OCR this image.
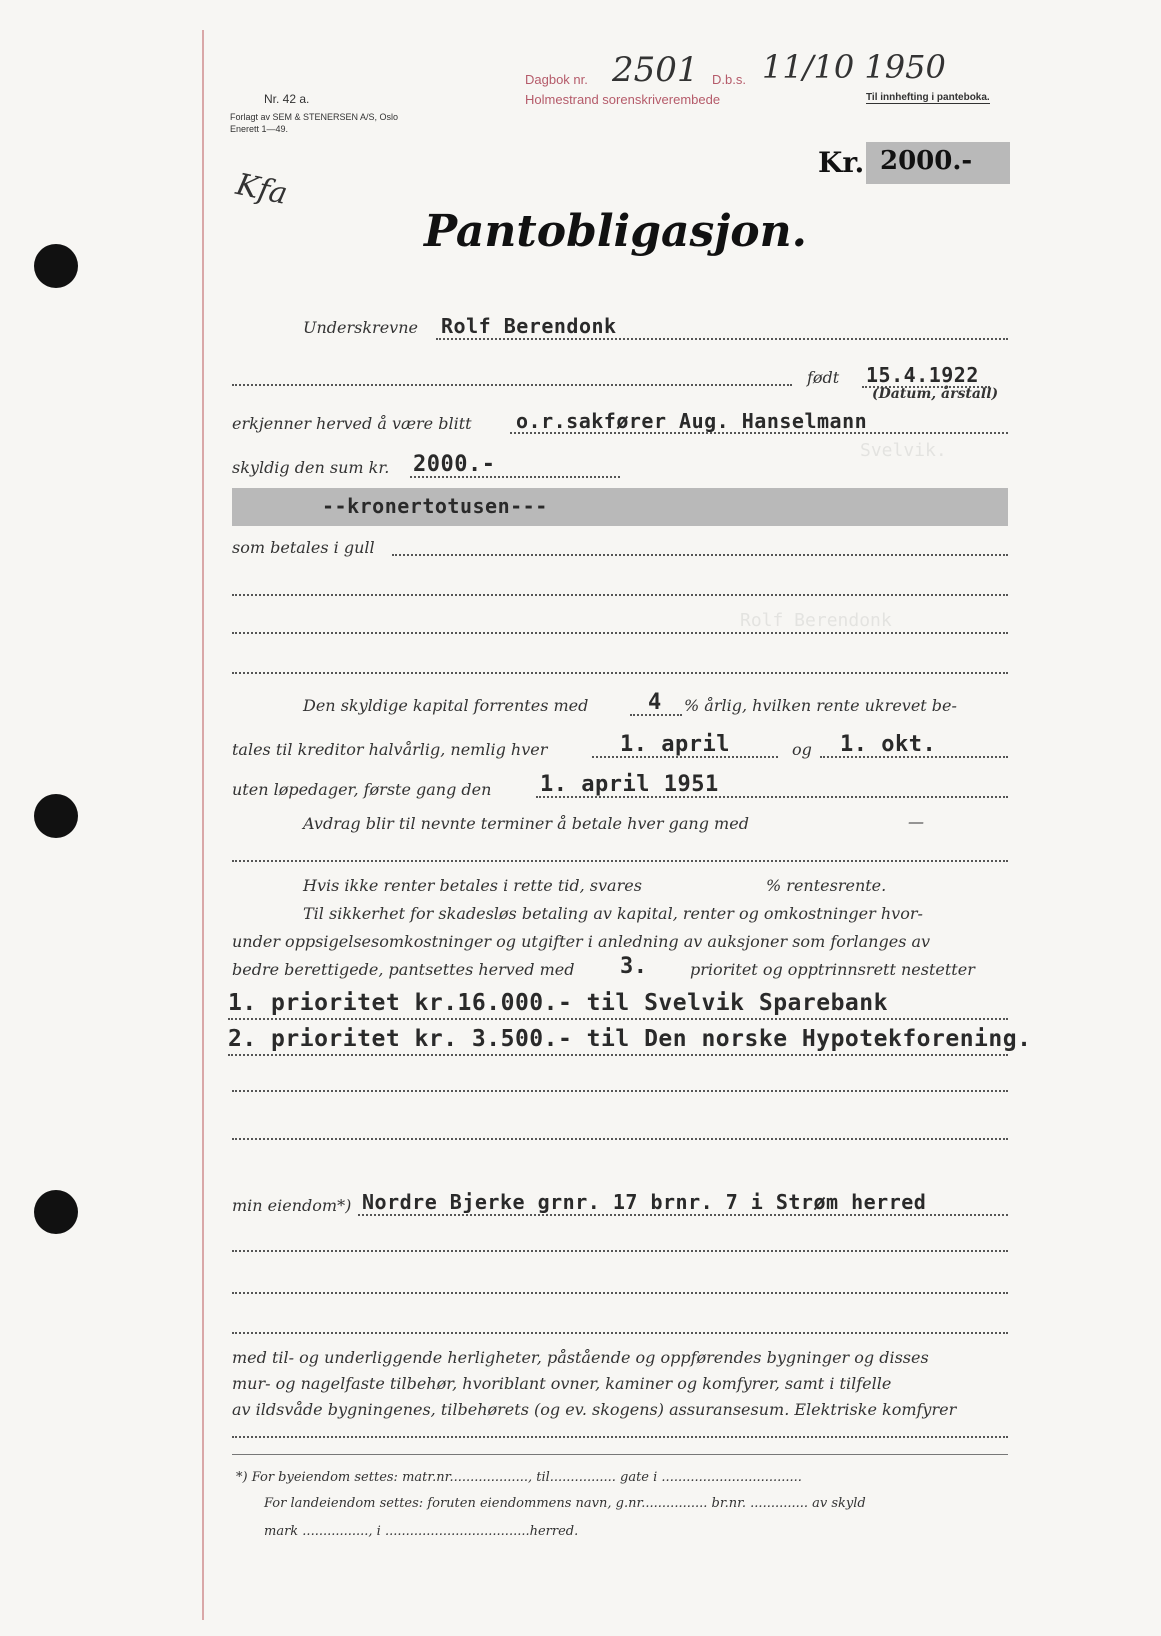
Svelvik.
Rolf Berendonk
Nr. 42 a.
Forlagt av SEM & STENERSEN A/S, Oslo
Enerett 1—49.
Dagbok nr.
Holmestrand sorenskriverembede
2501 D.b.s. 11/10 1950
Til innhefting i panteboka.
Kfa
Kr. 2000.-
Pantobligasjon.
Underskrevne Rolf Berendonk
født 15.4.1922
(Datum, årstall)
erkjenner herved å være blitt o.r.sakfører Aug. Hanselmann
skyldig den sum kr. 2000.-
--kronertotusen---
som betales i gull
Den skyldige kapital forrentes med	4 % årlig, hvilken rente ukrevet be-
tales til kreditor halvårlig, nemlig hver	1. april	og 1. okt.
uten løpedager, første gang den 1. april 1951
Avdrag blir til nevnte terminer å betale hver gang med	—
Hvis ikke renter betales i rette tid, svares	% rentesrente.
Til sikkerhet for skadesløs betaling av kapital, renter og omkostninger hvor-
under oppsigelsesomkostninger og utgifter i anledning av auksjoner som forlanges av
bedre berettigede, pantsettes herved med 3.	prioritet og opptrinnsrett nestetter
1. prioritet kr.16.000.- til Svelvik Sparebank
2. prioritet kr. 3.500.- til Den norske Hypotekforening.
min eiendom*) Nordre Bjerke grnr. 17 brnr. 7 i Strøm herred
med til- og underliggende herligheter, påstående og oppførendes bygninger og disses
mur- og nagelfaste tilbehør, hvoriblant ovner, kaminer og komfyrer, samt i tilfelle
av ildsvåde bygningenes, tilbehørets (og ev. skogens) assuransesum. Elektriske komfyrer
*) For byeiendom settes: matr.nr..................., til................ gate i ..................................
For landeiendom settes: foruten eiendommens navn, g.nr................ br.nr. .............. av skyld
mark ................, i ...................................herred.
